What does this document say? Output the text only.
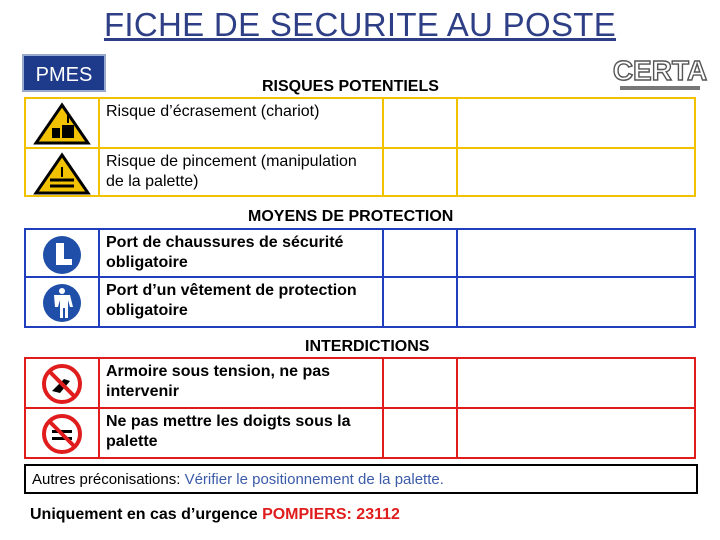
FICHE DE SECURITE AU POSTE
PMES	CERTA
RISQUES POTENTIELS
Risque d’écrasement (chariot)
Risque de pincement (manipulation de la palette)
MOYENS DE PROTECTION
Port de chaussures de sécurité obligatoire
Port d’un vêtement de protection obligatoire
INTERDICTIONS
Armoire sous tension, ne pas intervenir
Ne pas mettre les doigts sous la palette
Autres préconisations: Vérifier le positionnement de la palette.
Uniquement en cas d’urgence POMPIERS: 23112
